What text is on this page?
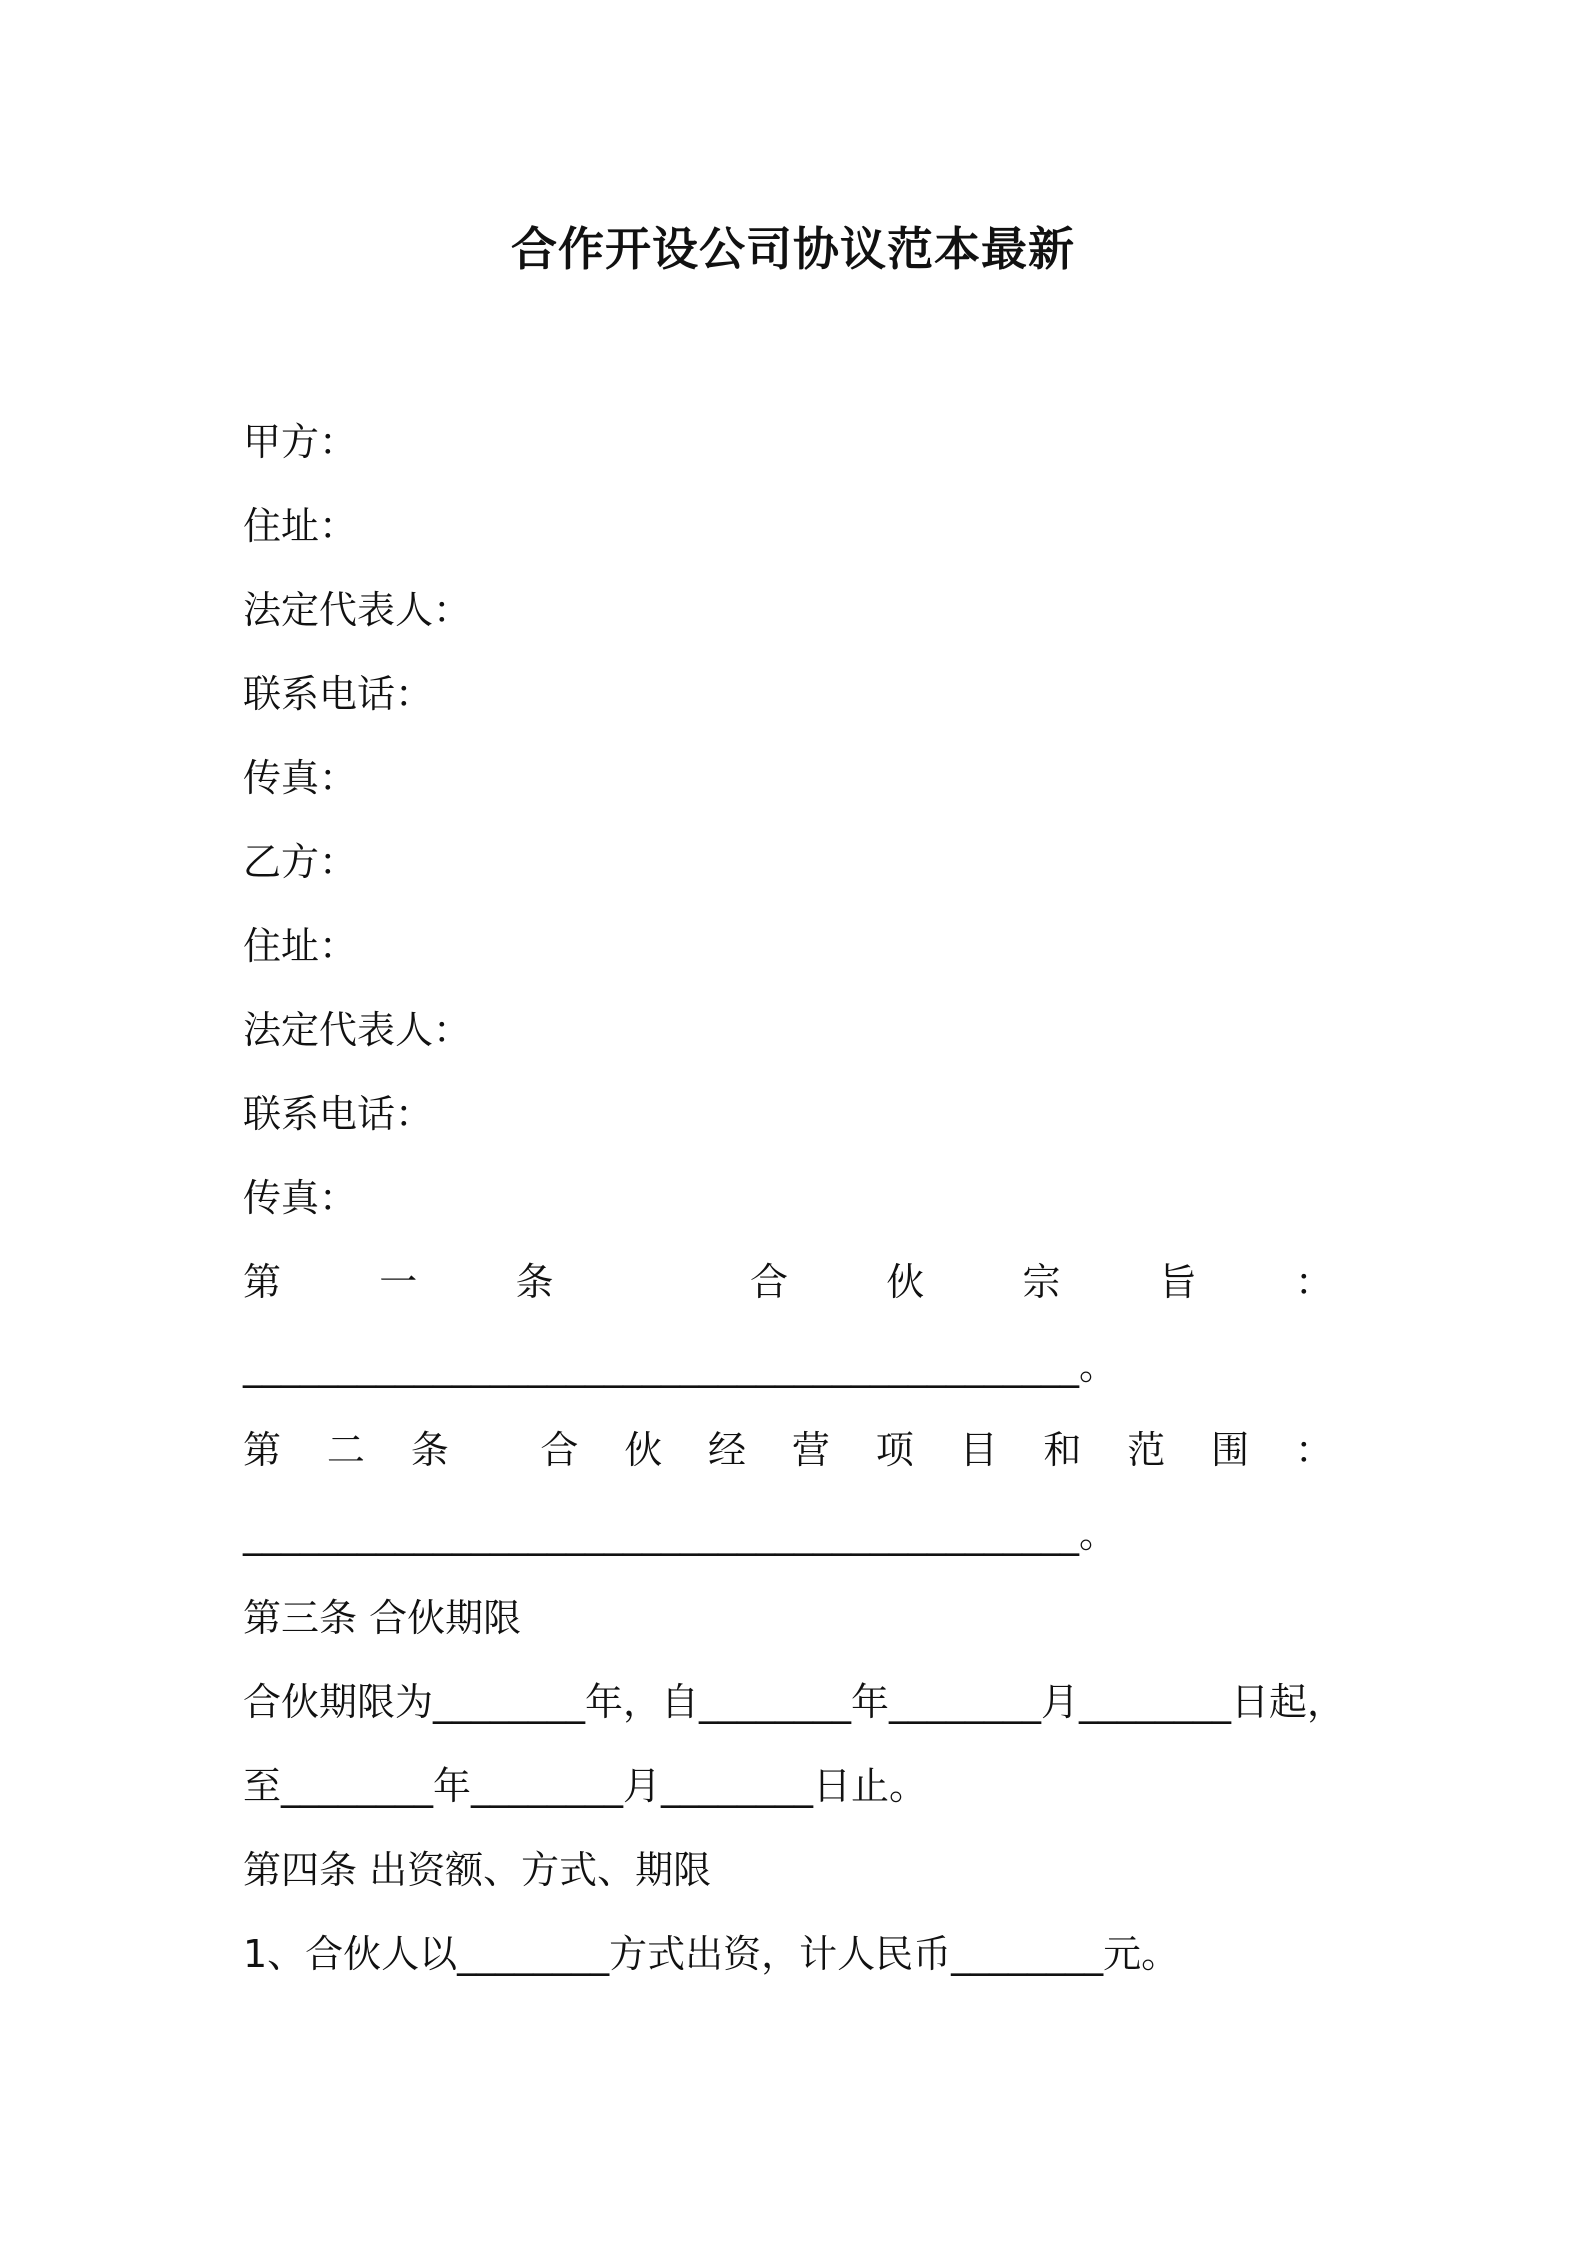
合作开设公司协议范本最新
甲方：
住址：
法定代表人：
联系电话：
传真：
乙方：
住址：
法定代表人：
联系电话：
传真：
第	一	条	合	伙	宗	旨	：
____________________________________________。
第 二 条 合 伙 经 营 项 目 和 范 围 ：
____________________________________________。
第三条 合伙期限
合伙期限为________年，自________年________月________日起，
至________年________月________日止。
第四条 出资额、方式、期限
1、合伙人以________方式出资，计人民币________元。
